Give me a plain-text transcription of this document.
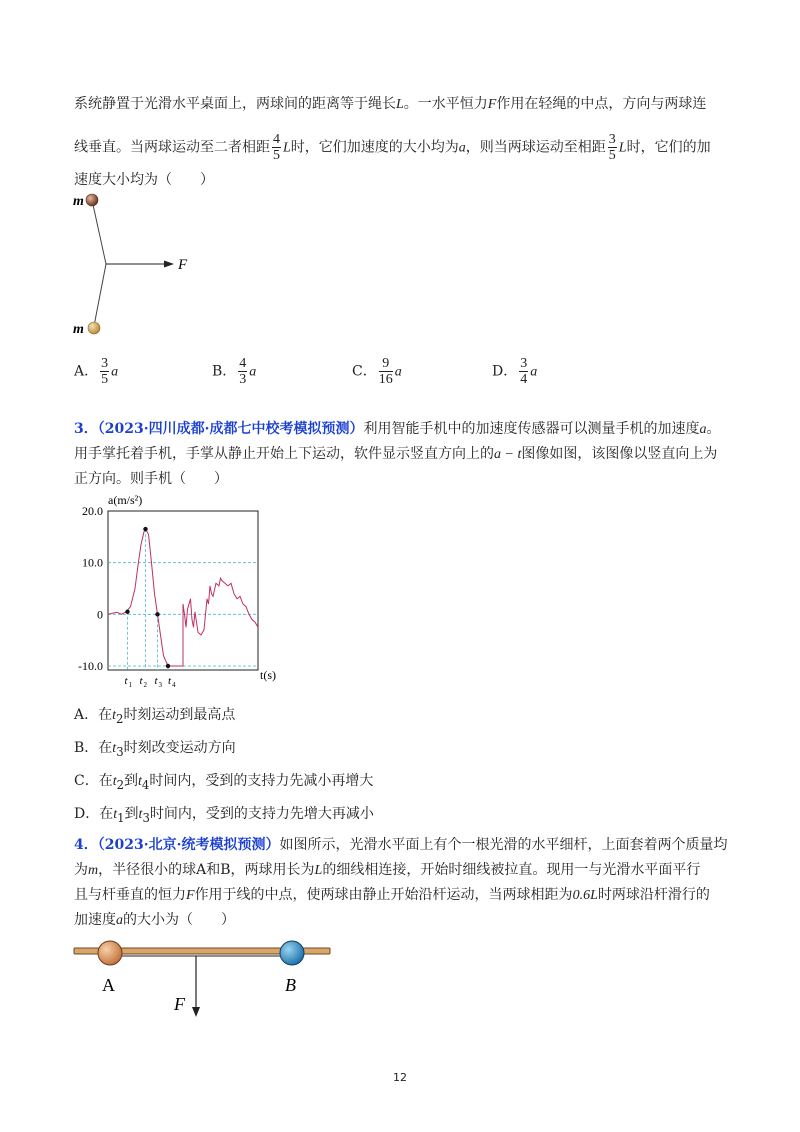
系统静置于光滑水平桌面上，两球间的距离等于绳长L。一水平恒力F作用在轻绳的中点，方向与两球连
线垂直。当两球运动至二者相距 $\frac{4}{5}$ L时，它们加速度的大小均为a，则当两球运动至相距 $\frac{3}{5}$ L时，它们的加
速度大小均为（　　）
m
m
F
A． $\frac{3}{5}$ a	B． $\frac{4}{3}$ a	C． $\frac{9}{16}$ a	D． $\frac{3}{4}$ a
3．（2023·四川成都·成都七中校考模拟预测）利用智能手机中的加速度传感器可以测量手机的加速度a。
用手掌托着手机，手掌从静止开始上下运动，软件显示竖直方向上的a − t图像如图，该图像以竖直向上为
正方向。则手机（　　）
20.0
10.0
0
-10.0
t 1 t 2 t 3 t 4
a(m/s²)
t(s)
A．在$t_2$时刻运动到最高点
B．在$t_3$时刻改变运动方向
C．在$t_2$到$t_4$时间内，受到的支持力先减小再增大
D．在$t_1$到$t_3$时间内，受到的支持力先增大再减小
4．（2023·北京·统考模拟预测）如图所示，光滑水平面上有个一根光滑的水平细杆，上面套着两个质量均
为m，半径很小的球A和B，两球用长为L的细线相连接，开始时细线被拉直。现用一与光滑水平面平行
且与杆垂直的恒力F作用于线的中点，使两球由静止开始沿杆运动，当两球相距为0.6L时两球沿杆滑行的
加速度a的大小为（　　）
A	B
F
12
